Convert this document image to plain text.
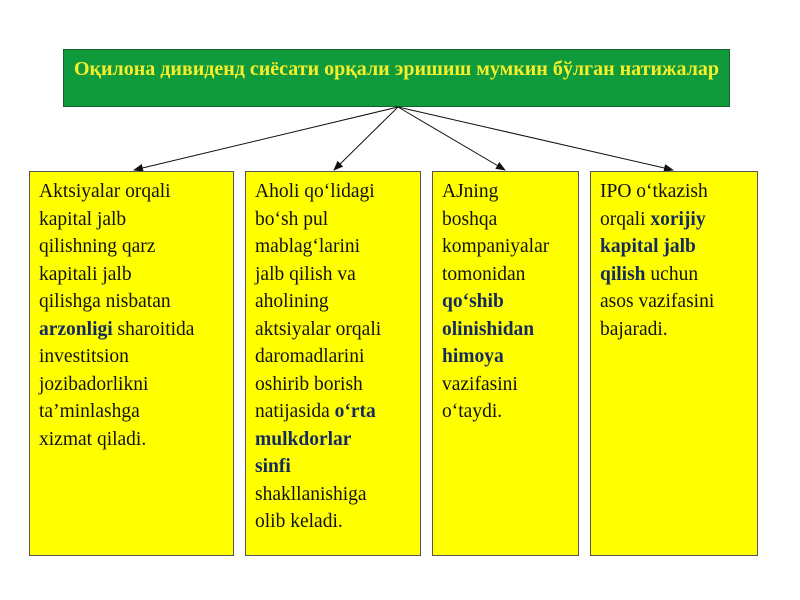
Оқилона дивиденд сиёсати орқали эришиш мумкин бўлган натижалар
Aktsiyalar orqali
kapital jalb
qilishning qarz
kapitali jalb
qilishga nisbatan
arzonligi sharoitida
investitsion
jozibadorlikni
ta’minlashga
xizmat qiladi.
Aholi qo‘lidagi
bo‘sh pul
mablag‘larini
jalb qilish va
aholining
aktsiyalar orqali
daromadlarini
oshirib borish
natijasida o‘rta
mulkdorlar
sinfi
shakllanishiga
olib keladi.
AJning
boshqa
kompaniyalar
tomonidan
qo‘shib
olinishidan
himoya
vazifasini
o‘taydi.
IPO o‘tkazish
orqali xorijiy
kapital jalb
qilish uchun
asos vazifasini
bajaradi.
